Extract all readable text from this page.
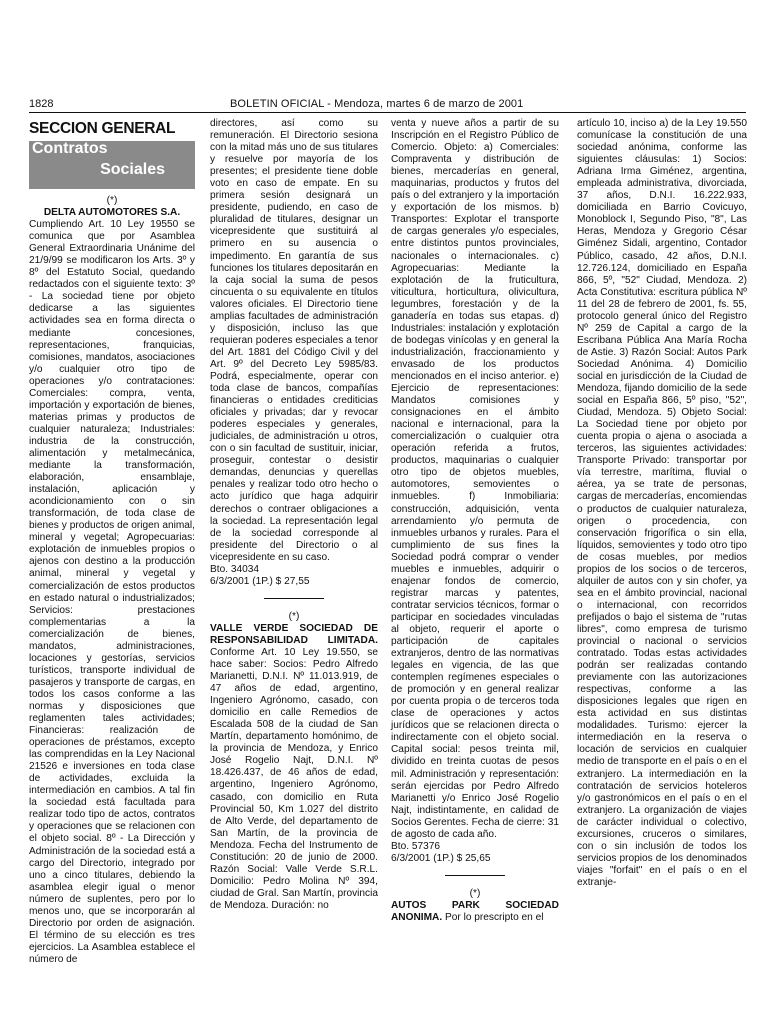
1828	BOLETIN OFICIAL - Mendoza, martes 6 de marzo de 2001

SECCION GENERAL

Contratos
Sociales

(*)

DELTA AUTOMOTORES S.A.

Cumpliendo Art. 10 Ley 19550 se comunica que por Asamblea General Extraordinaria Unánime del 21/9/99 se modificaron los Arts. 3º y 8º del Estatuto Social, quedando redactados con el siguiente texto: 3º - La sociedad tiene por objeto dedicarse a las siguientes actividades sea en forma directa o mediante concesiones, representaciones, franquicias, comisiones, mandatos, asociaciones y/o cualquier otro tipo de operaciones y/o contrataciones: Comerciales: compra, venta, importación y exportación de bienes, materias primas y productos de cualquier naturaleza; Industriales: industria de la construcción, alimentación y metalmecánica, mediante la transformación, elaboración, ensamblaje, instalación, aplicación y acondicionamiento con o sin transformación, de toda clase de bienes y productos de origen animal, mineral y vegetal; Agropecuarias: explotación de inmuebles propios o ajenos con destino a la producción animal, mineral y vegetal y comercialización de estos productos en estado natural o industrializados; Servicios: prestaciones complementarias a la comercialización de bienes, mandatos, administraciones, locaciones y gestorías, servicios turísticos, transporte individual de pasajeros y transporte de cargas, en todos los casos conforme a las normas y disposiciones que reglamenten tales actividades; Financieras: realización de operaciones de préstamos, excepto las comprendidas en la Ley Nacional 21526 e inversiones en toda clase de actividades, excluida la intermediación en cambios. A tal fin la sociedad está facultada para realizar todo tipo de actos, contratos y operaciones que se relacionen con el objeto social. 8º - La Dirección y Administración de la sociedad está a cargo del Directorio, integrado por uno a cinco titulares, debiendo la asamblea elegir igual o menor número de suplentes, pero por lo menos uno, que se incorporarán al Directorio por orden de asignación. El término de su elección es tres ejercicios. La Asamblea establece el número de

directores, así como su remuneración. El Directorio sesiona con la mitad más uno de sus titulares y resuelve por mayoría de los presentes; el presidente tiene doble voto en caso de empate. En su primera sesión designará un presidente, pudiendo, en caso de pluralidad de titulares, designar un vicepresidente que sustituirá al primero en su ausencia o impedimento. En garantía de sus funciones los titulares depositarán en la caja social la suma de pesos cincuenta o su equivalente en títulos valores oficiales. El Directorio tiene amplias facultades de administración y disposición, incluso las que requieran poderes especiales a tenor del Art. 1881 del Código Civil y del Art. 9º del Decreto Ley 5985/83. Podrá, especialmente, operar con toda clase de bancos, compañías financieras o entidades crediticias oficiales y privadas; dar y revocar poderes especiales y generales, judiciales, de administración u otros, con o sin facultad de sustituir, iniciar, proseguir, contestar o desistir demandas, denuncias y querellas penales y realizar todo otro hecho o acto jurídico que haga adquirir derechos o contraer obligaciones a la sociedad. La representación legal de la sociedad corresponde al presidente del Directorio o al vicepresidente en su caso.
Bto. 34034
6/3/2001 (1P.) $ 27,55
(*)
VALLE VERDE SOCIEDAD DE RESPONSABILIDAD LIMITADA. Conforme Art. 10 Ley 19.550, se hace saber: Socios: Pedro Alfredo Marianetti, D.N.I. Nº 11.013.919, de 47 años de edad, argentino, Ingeniero Agrónomo, casado, con domicilio en calle Remedios de Escalada 508 de la ciudad de San Martín, departamento homónimo, de la provincia de Mendoza, y Enrico José Rogelio Najt, D.N.I. Nº 18.426.437, de 46 años de edad, argentino, Ingeniero Agrónomo, casado, con domicilio en Ruta Provincial 50, Km 1.027 del distrito de Alto Verde, del departamento de San Martín, de la provincia de Mendoza. Fecha del Instrumento de Constitución: 20 de junio de 2000. Razón Social: Valle Verde S.R.L. Domicilio: Pedro Molina Nº 394, ciudad de Gral. San Martín, provincia de Mendoza. Duración: no

venta y nueve años a partir de su Inscripción en el Registro Público de Comercio. Objeto: a) Comerciales: Compraventa y distribución de bienes, mercaderías en general, maquinarias, productos y frutos del país o del extranjero y la importación y exportación de los mismos. b) Transportes: Explotar el transporte de cargas generales y/o especiales, entre distintos puntos provinciales, nacionales o internacionales. c) Agropecuarias: Mediante la explotación de la fruticultura, viticultura, horticultura, olivicultura, legumbres, forestación y de la ganadería en todas sus etapas. d) Industriales: instalación y explotación de bodegas vinícolas y en general la industrialización, fraccionamiento y envasado de los productos mencionados en el inciso anterior. e) Ejercicio de representaciones: Mandatos comisiones y consignaciones en el ámbito nacional e internacional, para la comercialización o cualquier otra operación referida a frutos, productos, maquinarias o cualquier otro tipo de objetos muebles, automotores, semovientes o inmuebles. f) Inmobiliaria: construcción, adquisición, venta arrendamiento y/o permuta de inmuebles urbanos y rurales. Para el cumplimiento de sus fines la Sociedad podrá comprar o vender muebles e inmuebles, adquirir o enajenar fondos de comercio, registrar marcas y patentes, contratar servicios técnicos, formar o participar en sociedades vinculadas al objeto, requerir el aporte o participación de capitales extranjeros, dentro de las normativas legales en vigencia, de las que contemplen regímenes especiales o de promoción y en general realizar por cuenta propia o de terceros toda clase de operaciones y actos jurídicos que se relacionen directa o indirectamente con el objeto social. Capital social: pesos treinta mil, dividido en treinta cuotas de pesos mil. Administración y representación: serán ejercidas por Pedro Alfredo Marianetti y/o Enrico José Rogelio Najt, indistintamente, en calidad de Socios Gerentes. Fecha de cierre: 31 de agosto de cada año.
Bto. 57376
6/3/2001 (1P.) $ 25,65
(*)
AUTOS PARK SOCIEDAD ANONIMA. Por lo prescripto en el

artículo 10, inciso a) de la Ley 19.550 comunícase la constitución de una sociedad anónima, conforme las siguientes cláusulas: 1) Socios: Adriana Irma Giménez, argentina, empleada administrativa, divorciada, 37 años, D.N.I. 16.222.933, domiciliada en Barrio Covicuyo, Monoblock I, Segundo Piso, "8", Las Heras, Mendoza y Gregorio César Giménez Sidali, argentino, Contador Público, casado, 42 años, D.N.I. 12.726.124, domiciliado en España 866, 5º, "52" Ciudad, Mendoza. 2) Acta Constitutiva: escritura pública Nº 11 del 28 de febrero de 2001, fs. 55, protocolo general único del Registro Nº 259 de Capital a cargo de la Escribana Pública Ana María Rocha de Astie. 3) Razón Social: Autos Park Sociedad Anónima. 4) Domicilio social en jurisdicción de la Ciudad de Mendoza, fijando domicilio de la sede social en España 866, 5º piso, "52", Ciudad, Mendoza. 5) Objeto Social: La Sociedad tiene por objeto por cuenta propia o ajena o asociada a terceros, las siguientes actividades: Transporte Privado: transportar por vía terrestre, marítima, fluvial o aérea, ya se trate de personas, cargas de mercaderías, encomiendas o productos de cualquier naturaleza, origen o procedencia, con conservación frigorífica o sin ella, líquidos, semovientes y todo otro tipo de cosas muebles, por medios propios de los socios o de terceros, alquiler de autos con y sin chofer, ya sea en el ámbito provincial, nacional o internacional, con recorridos prefijados o bajo el sistema de "rutas libres", como empresa de turismo provincial o nacional o servicios contratado. Todas estas actividades podrán ser realizadas contando previamente con las autorizaciones respectivas, conforme a las disposiciones legales que rigen en esta actividad en sus distintas modalidades. Turismo: ejercer la intermediación en la reserva o locación de servicios en cualquier medio de transporte en el país o en el extranjero. La intermediación en la contratación de servicios hoteleros y/o gastronómicos en el país o en el extranjero. La organización de viajes de carácter individual o colectivo, excursiones, cruceros o similares, con o sin inclusión de todos los servicios propios de los denominados viajes "forfait" en el país o en el extranje-
